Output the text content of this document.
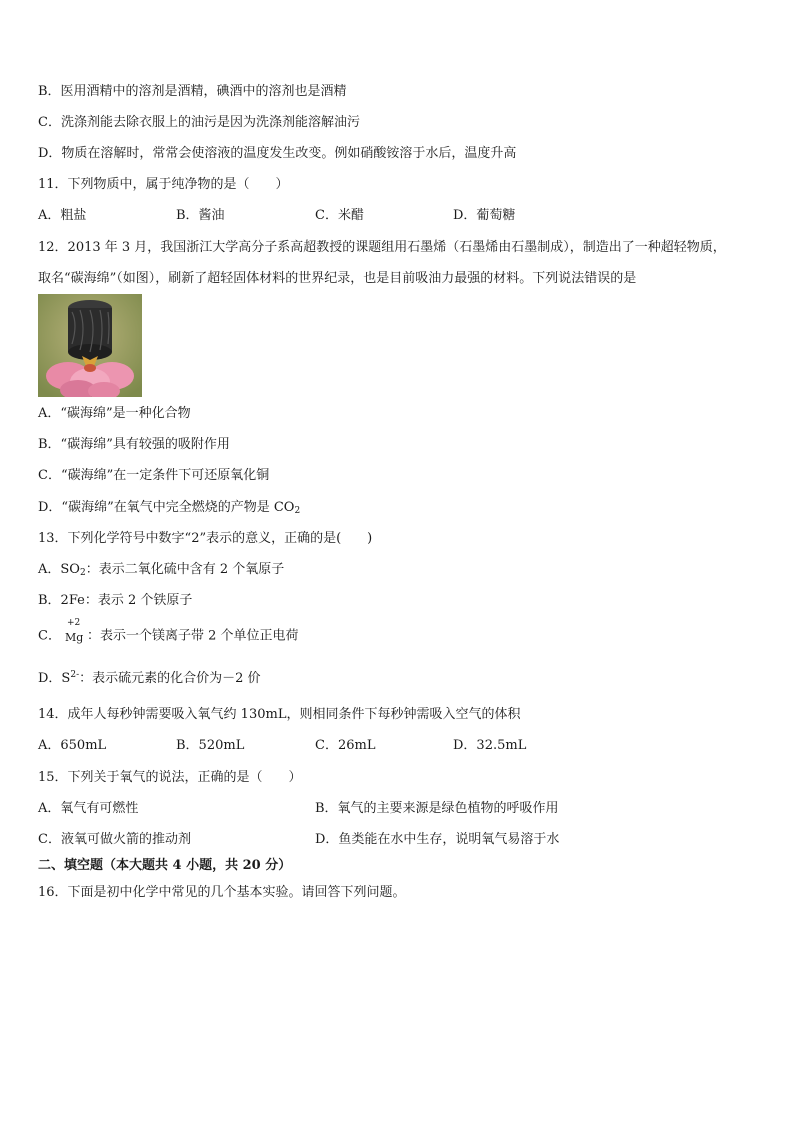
B．医用酒精中的溶剂是酒精，碘酒中的溶剂也是酒精
C．洗涤剂能去除衣服上的油污是因为洗涤剂能溶解油污
D．物质在溶解时，常常会使溶液的温度发生改变。例如硝酸铵溶于水后，温度升高
11．下列物质中，属于纯净物的是（　　）
A．粗盐	B．酱油	C．米醋	D．葡萄糖
12．2013 年 3 月，我国浙江大学高分子系高超教授的课题组用石墨烯（石墨烯由石墨制成），制造出了一种超轻物质，
取名“碳海绵”（如图），刷新了超轻固体材料的世界纪录，也是目前吸油力最强的材料。下列说法错误的是
A．“碳海绵”是一种化合物
B．“碳海绵”具有较强的吸附作用
C．“碳海绵”在一定条件下可还原氧化铜
D．“碳海绵”在氧气中完全燃烧的产物是 $CO_2$
13．下列化学符号中数字“2”表示的意义，正确的是(　　)
A．$SO_2$：表示二氧化硫中含有 2 个氧原子
B．2Fe：表示 2 个铁原子
C．
+2
Mg ：表示一个镁离子带 2 个单位正电荷
D．$S^{2-}$：表示硫元素的化合价为－2 价
14．成年人每秒钟需要吸入氧气约 130mL，则相同条件下每秒钟需吸入空气的体积
A．650mL	B．520mL	C．26mL	D．32.5mL
15．下列关于氧气的说法，正确的是（　　）
A．氧气有可燃性	B．氧气的主要来源是绿色植物的呼吸作用
C．液氧可做火箭的推动剂	D．鱼类能在水中生存，说明氧气易溶于水
二、填空题（本大题共 4 小题，共 20 分）
16．下面是初中化学中常见的几个基本实验。请回答下列问题。
